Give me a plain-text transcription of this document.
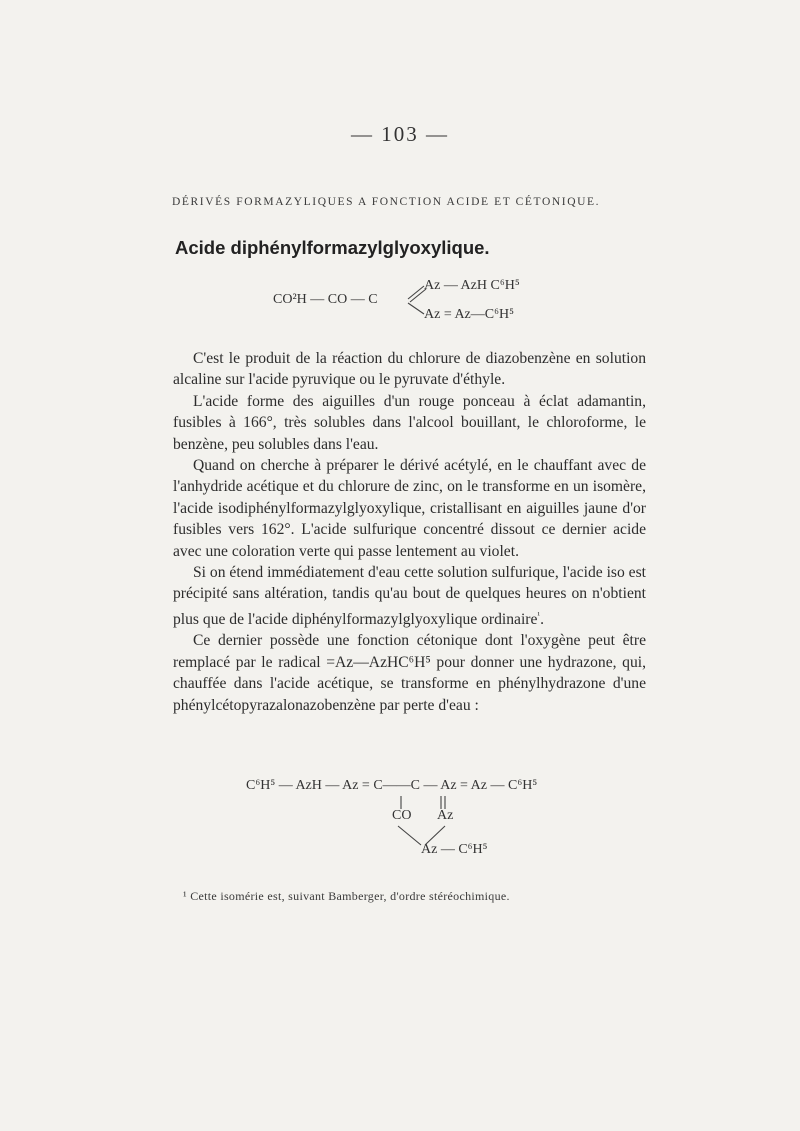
— 103 —
DÉRIVÉS FORMAZYLIQUES A FONCTION ACIDE ET CÉTONIQUE.
Acide diphénylformazylglyoxylique.
CO²H — CO — C
Az — AzH C⁶H⁵
Az = Az—C⁶H⁵

C'est le produit de la réaction du chlorure de diazobenzène en solution alcaline sur l'acide pyruvique ou le pyruvate d'éthyle.

L'acide forme des aiguilles d'un rouge ponceau à éclat adamantin, fusibles à 166°, très solubles dans l'alcool bouillant, le chloroforme, le benzène, peu solubles dans l'eau.

Quand on cherche à préparer le dérivé acétylé, en le chauffant avec de l'anhydride acétique et du chlorure de zinc, on le transforme en un isomère, l'acide isodiphénylformazylglyoxylique, cristallisant en aiguilles jaune d'or fusibles vers 162°. L'acide sulfurique concentré dissout ce dernier acide avec une coloration verte qui passe lentement au violet.

Si on étend immédiatement d'eau cette solution sulfurique, l'acide iso est précipité sans altération, tandis qu'au bout de quelques heures on n'obtient plus que de l'acide diphénylformazylglyoxylique ordinaire$^{^1}$.

Ce dernier possède une fonction cétonique dont l'oxygène peut être remplacé par le radical =Az—AzHC⁶H⁵ pour donner une hydrazone, qui, chauffée dans l'acide acétique, se transforme en phénylhydrazone d'une phénylcétopyrazalonazobenzène par perte d'eau :

C⁶H⁵ — AzH — Az = C——C — Az = Az — C⁶H⁵
CO Az
Az — C⁶H⁵
¹ Cette isomérie est, suivant Bamberger, d'ordre stéréochimique.
